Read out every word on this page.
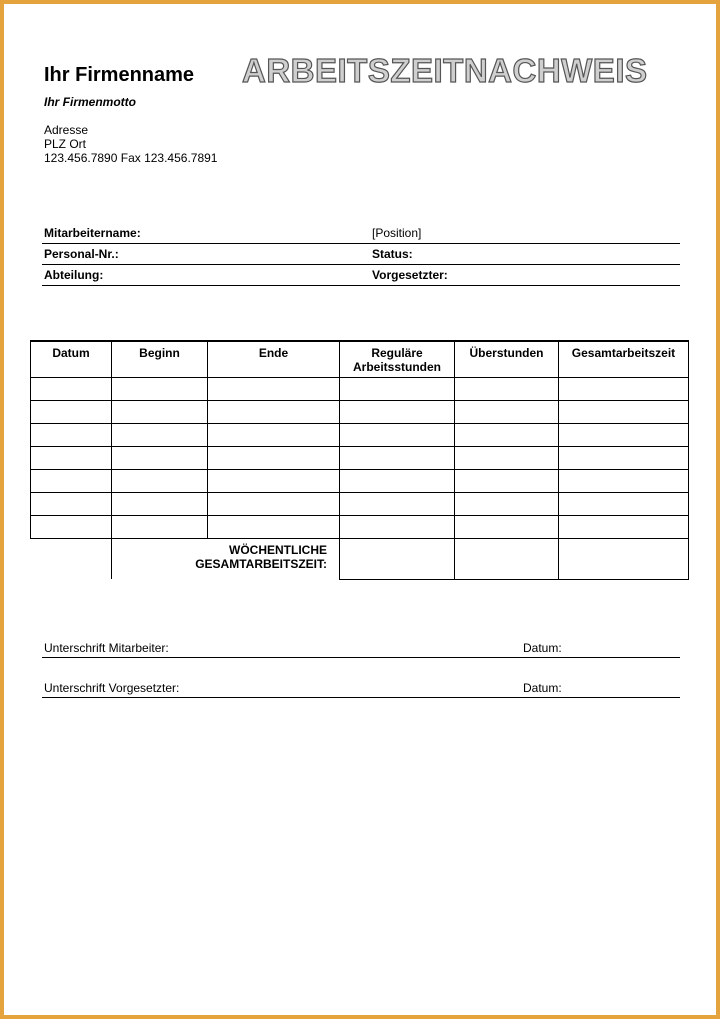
Ihr Firmenname
Ihr Firmenmotto
Adresse
PLZ Ort
123.456.7890 Fax 123.456.7891
ARBEITSZEITNACHWEIS
Mitarbeitername:	[Position]
Personal-Nr.:	Status:
Abteilung:	Vorgesetzter:
Datum	Beginn	Ende	Reguläre Arbeitsstunden	Überstunden	Gesamtarbeitszeit

	WÖCHENTLICHE GESAMTARBEITSZEIT:				
Unterschrift Mitarbeiter:	Datum:
Unterschrift Vorgesetzter:	Datum:
